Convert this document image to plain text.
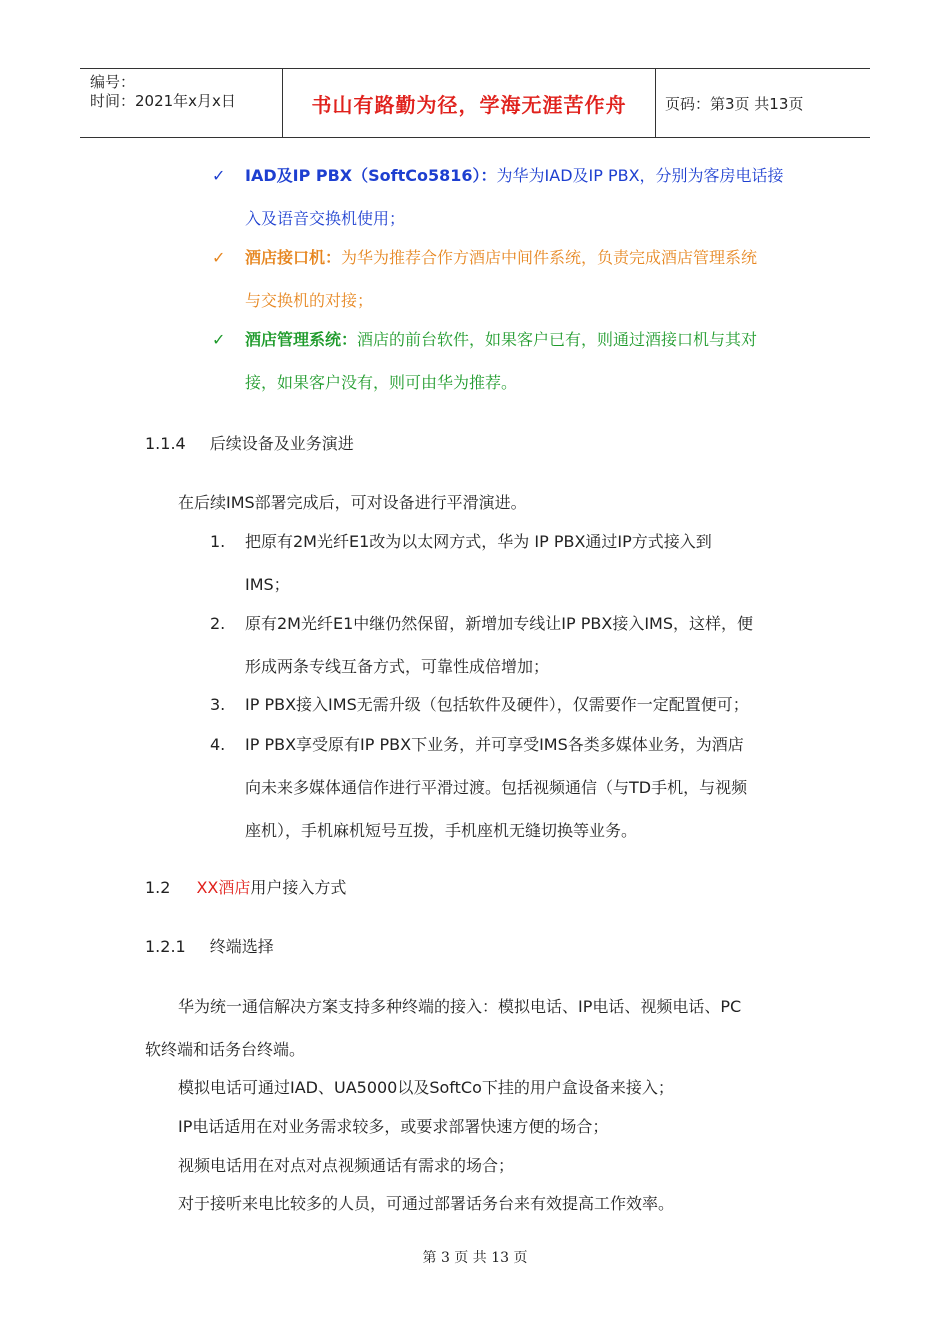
编号：
时间：2021年x月x日	书山有路勤为径，学海无涯苦作舟	页码：第3页 共13页
✓ IAD及IP PBX（SoftCo5816）：为华为IAD及IP PBX，分别为客房电话接
入及语音交换机使用；
✓ 酒店接口机：为华为推荐合作方酒店中间件系统，负责完成酒店管理系统
与交换机的对接；
✓ 酒店管理系统：酒店的前台软件，如果客户已有，则通过酒接口机与其对
接，如果客户没有，则可由华为推荐。
1.1.4 后续设备及业务演进
在后续IMS部署完成后，可对设备进行平滑演进。
1. 把原有2M光纤E1改为以太网方式，华为 IP PBX通过IP方式接入到
IMS；
2. 原有2M光纤E1中继仍然保留，新增加专线让IP PBX接入IMS，这样，便
形成两条专线互备方式，可靠性成倍增加；
3. IP PBX接入IMS无需升级（包括软件及硬件），仅需要作一定配置便可；
4. IP PBX享受原有IP PBX下业务，并可享受IMS各类多媒体业务，为酒店
向未来多媒体通信作进行平滑过渡。包括视频通信（与TD手机，与视频
座机），手机麻机短号互拨，手机座机无缝切换等业务。
1.2 XX酒店用户接入方式
1.2.1 终端选择
华为统一通信解决方案支持多种终端的接入：模拟电话、IP电话、视频电话、PC
软终端和话务台终端。
模拟电话可通过IAD、UA5000以及SoftCo下挂的用户盒设备来接入；
IP电话适用在对业务需求较多，或要求部署快速方便的场合；
视频电话用在对点对点视频通话有需求的场合；
对于接听来电比较多的人员，可通过部署话务台来有效提高工作效率。
第 3 页 共 13 页
